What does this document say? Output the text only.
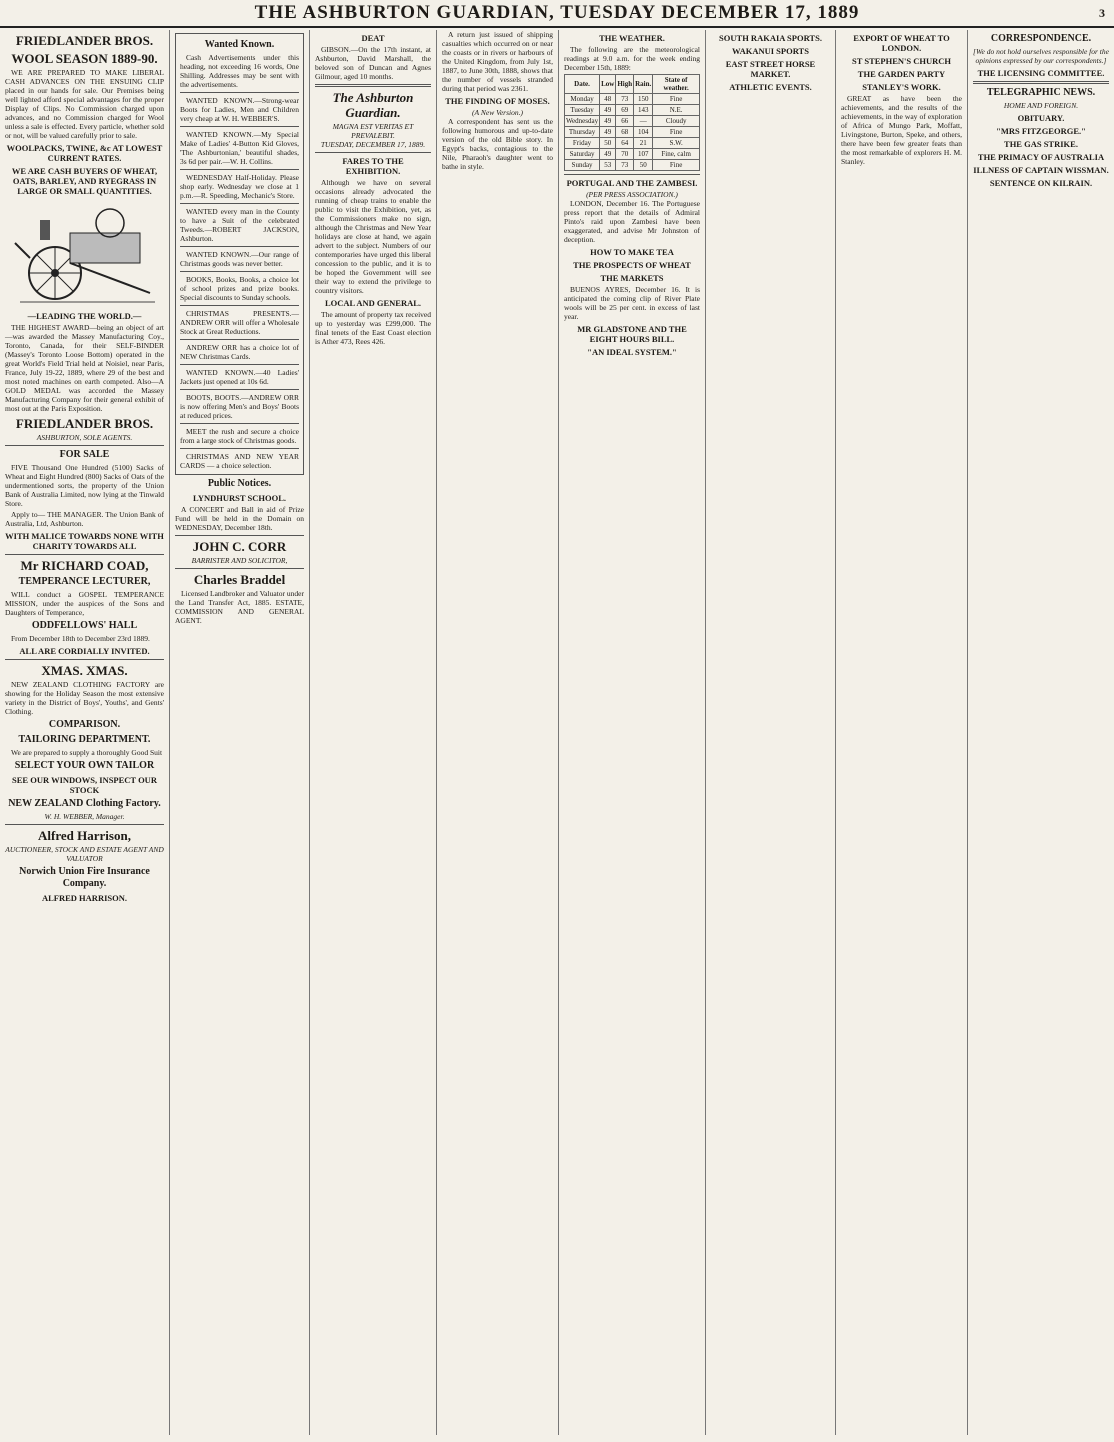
THE ASHBURTON GUARDIAN, TUESDAY DECEMBER 17, 1889	3
FRIEDLANDER BROS.
WOOL SEASON 1889-90.
WE ARE PREPARED TO MAKE LIBERAL CASH ADVANCES ON THE ENSUING CLIP placed in our hands for sale. Our Premises being well lighted afford special advantages for the proper Display of Clips. No Commission charged upon advances, and no Commission charged for Wool unless a sale is effected. Every particle, whether sold or not, will be valued carefully prior to sale.
WOOLPACKS, TWINE, &c AT LOWEST CURRENT RATES.
WE ARE CASH BUYERS OF WHEAT, OATS, BARLEY, AND RYEGRASS IN LARGE OR SMALL QUANTITIES.
—LEADING THE WORLD.—
THE HIGHEST AWARD—being an object of art—was awarded the Massey Manufacturing Coy., Toronto, Canada, for their SELF-BINDER (Massey's Toronto Loose Bottom) operated in the great World's Field Trial held at Noisiel, near Paris, France, July 19-22, 1889, where 29 of the best and most noted machines on earth competed. Also—A GOLD MEDAL was accorded the Massey Manufacturing Company for their general exhibit of most out at the Paris Exposition.
FRIEDLANDER BROS.
ASHBURTON, SOLE AGENTS.
FOR SALE
FIVE Thousand One Hundred (5100) Sacks of Wheat and Eight Hundred (800) Sacks of Oats of the undermentioned sorts, the property of the Union Bank of Australia Limited, now lying at the Tinwald Store.
Apply to— THE MANAGER. The Union Bank of Australia, Ltd, Ashburton.
WITH MALICE TOWARDS NONE WITH CHARITY TOWARDS ALL
Mr RICHARD COAD,
TEMPERANCE LECTURER,
WILL conduct a GOSPEL TEMPERANCE MISSION, under the auspices of the Sons and Daughters of Temperance,
ODDFELLOWS' HALL
From December 18th to December 23rd 1889.
ALL ARE CORDIALLY INVITED.
XMAS. XMAS.
NEW ZEALAND CLOTHING FACTORY are showing for the Holiday Season the most extensive variety in the District of Boys', Youths', and Gents' Clothing.
COMPARISON.
TAILORING DEPARTMENT.
We are prepared to supply a thoroughly Good Suit
SELECT YOUR OWN TAILOR
SEE OUR WINDOWS, INSPECT OUR STOCK
NEW ZEALAND Clothing Factory.
W. H. WEBBER, Manager.
Alfred Harrison,
AUCTIONEER, STOCK AND ESTATE AGENT AND VALUATOR
Norwich Union Fire Insurance Company.
ALFRED HARRISON.
Wanted Known.
Cash Advertisements under this heading, not exceeding 16 words, One Shilling. Addresses may be sent with the advertisements.
WANTED KNOWN.—Strong-wear Boots for Ladies, Men and Children very cheap at W. H. WEBBER'S.
WANTED KNOWN.—My Special Make of Ladies' 4-Button Kid Gloves, 'The Ashburtonian,' beautiful shades, 3s 6d per pair.—W. H. Collins.
WEDNESDAY Half-Holiday. Please shop early. Wednesday we close at 1 p.m.—R. Speeding, Mechanic's Store.
WANTED every man in the County to have a Suit of the celebrated Tweeds.—ROBERT JACKSON, Ashburton.
WANTED KNOWN.—Our range of Christmas goods was never better.
BOOKS, Books, Books, a choice lot of school prizes and prize books. Special discounts to Sunday schools.
CHRISTMAS PRESENTS.—ANDREW ORR will offer a Wholesale Stock at Great Reductions.
ANDREW ORR has a choice lot of NEW Christmas Cards.
WANTED KNOWN.—40 Ladies' Jackets just opened at 10s 6d.
BOOTS, BOOTS.—ANDREW ORR is now offering Men's and Boys' Boots at reduced prices.
MEET the rush and secure a choice from a large stock of Christmas goods.
CHRISTMAS AND NEW YEAR CARDS — a choice selection.
Public Notices.
LYNDHURST SCHOOL.
A CONCERT and Ball in aid of Prize Fund will be held in the Domain on WEDNESDAY, December 18th.
JOHN C. CORR
BARRISTER AND SOLICITOR,
Charles Braddel
Licensed Landbroker and Valuator under the Land Transfer Act, 1885. ESTATE, COMMISSION AND GENERAL AGENT.
DEAT
GIBSON.—On the 17th instant, at Ashburton, David Marshall, the beloved son of Duncan and Agnes Gilmour, aged 10 months.
The Ashburton Guardian.
MAGNA EST VERITAS ET PREVALEBIT.
TUESDAY, DECEMBER 17, 1889.
FARES TO THE EXHIBITION.
Although we have on several occasions already advocated the running of cheap trains to enable the public to visit the Exhibition, yet, as the Commissioners make no sign, although the Christmas and New Year holidays are close at hand, we again advert to the subject. Numbers of our contemporaries have urged this liberal concession to the public, and it is to be hoped the Government will see their way to extend the privilege to country visitors.
LOCAL AND GENERAL.
The amount of property tax received up to yesterday was £299,000. The final tenets of the East Coast election is Ather 473, Rees 426.
A return just issued of shipping casualties which occurred on or near the coasts or in rivers or harbours of the United Kingdom, from July 1st, 1887, to June 30th, 1888, shows that the number of vessels stranded during that period was 2361.
THE FINDING OF MOSES.
(A New Version.)
A correspondent has sent us the following humorous and up-to-date version of the old Bible story. In Egypt's backs, contagious to the Nile, Pharaoh's daughter went to bathe in style.
THE WEATHER.
The following are the meteorological readings at 9.0 a.m. for the week ending December 15th, 1889:
Date.	Low	High	Rain.	State of weather.
Monday	48	73	150	Fine
Tuesday	49	69	143	N.E.
Wednesday	49	66	—	Cloudy
Thursday	49	68	104	Fine
Friday	50	64	21	S.W.
Saturday	49	70	107	Fine, calm
Sunday	53	73	50	Fine
PORTUGAL AND THE ZAMBESI.
(PER PRESS ASSOCIATION.)
LONDON, December 16. The Portuguese press report that the details of Admiral Pinto's raid upon Zambesi have been exaggerated, and advise Mr Johnston of deception.
HOW TO MAKE TEA
THE PROSPECTS OF WHEAT
THE MARKETS
BUENOS AYRES, December 16. It is anticipated the coming clip of River Plate wools will be 25 per cent. in excess of last year.
MR GLADSTONE AND THE EIGHT HOURS BILL.
"AN IDEAL SYSTEM."
SOUTH RAKAIA SPORTS.
WAKANUI SPORTS
EAST STREET HORSE MARKET.
ATHLETIC EVENTS.
EXPORT OF WHEAT TO LONDON.
ST STEPHEN'S CHURCH
THE GARDEN PARTY
STANLEY'S WORK.
GREAT as have been the achievements, and the results of the achievements, in the way of exploration of Africa of Mungo Park, Moffatt, Livingstone, Burton, Speke, and others, there have been few greater feats than the most remarkable of explorers H. M. Stanley.
CORRESPONDENCE.
[We do not hold ourselves responsible for the opinions expressed by our correspondents.]
THE LICENSING COMMITTEE.
TELEGRAPHIC NEWS.
HOME AND FOREIGN.
OBITUARY.
"MRS FITZGEORGE."
THE GAS STRIKE.
THE PRIMACY OF AUSTRALIA
ILLNESS OF CAPTAIN WISSMAN.
SENTENCE ON KILRAIN.
